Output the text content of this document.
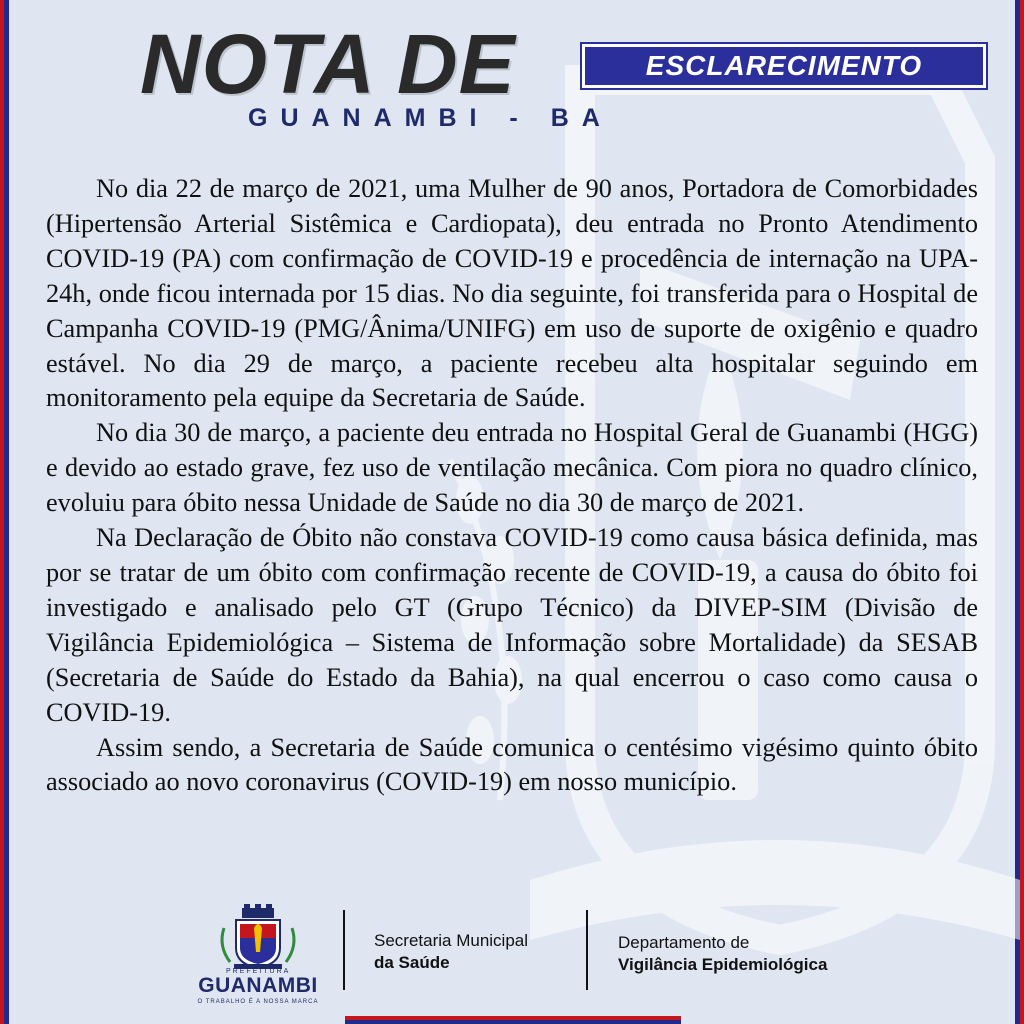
NOTA DE	ESCLARECIMENTO
GUANAMBI - BA

No dia 22 de março de 2021, uma Mulher de 90 anos, Portadora de Comorbidades (Hipertensão Arterial Sistêmica e Cardiopata), deu entrada no Pronto Atendimento COVID-19 (PA) com confirmação de COVID-19 e procedência de internação na UPA-24h, onde ficou internada por 15 dias. No dia seguinte, foi transferida para o Hospital de Campanha COVID-19 (PMG/Ânima/UNIFG) em uso de suporte de oxigênio e quadro estável. No dia 29 de março, a paciente recebeu alta hospitalar seguindo em monitoramento pela equipe da Secretaria de Saúde.

No dia 30 de março, a paciente deu entrada no Hospital Geral de Guanambi (HGG) e devido ao estado grave, fez uso de ventilação mecânica. Com piora no quadro clínico, evoluiu para óbito nessa Unidade de Saúde no dia 30 de março de 2021.

Na Declaração de Óbito não constava COVID-19 como causa básica definida, mas por se tratar de um óbito com confirmação recente de COVID-19, a causa do óbito foi investigado e analisado pelo GT (Grupo Técnico) da DIVEP-SIM (Divisão de Vigilância Epidemiológica – Sistema de Informação sobre Mortalidade) da SESAB (Secretaria de Saúde do Estado da Bahia), na qual encerrou o caso como causa o COVID-19.

Assim sendo, a Secretaria de Saúde comunica o centésimo vigésimo quinto óbito associado ao novo coronavirus (COVID-19) em nosso município.

PREFEITURA
GUANAMBI
O TRABALHO É A NOSSA MARCA
Secretaria Municipal
da Saúde
Departamento de
Vigilância Epidemiológica
